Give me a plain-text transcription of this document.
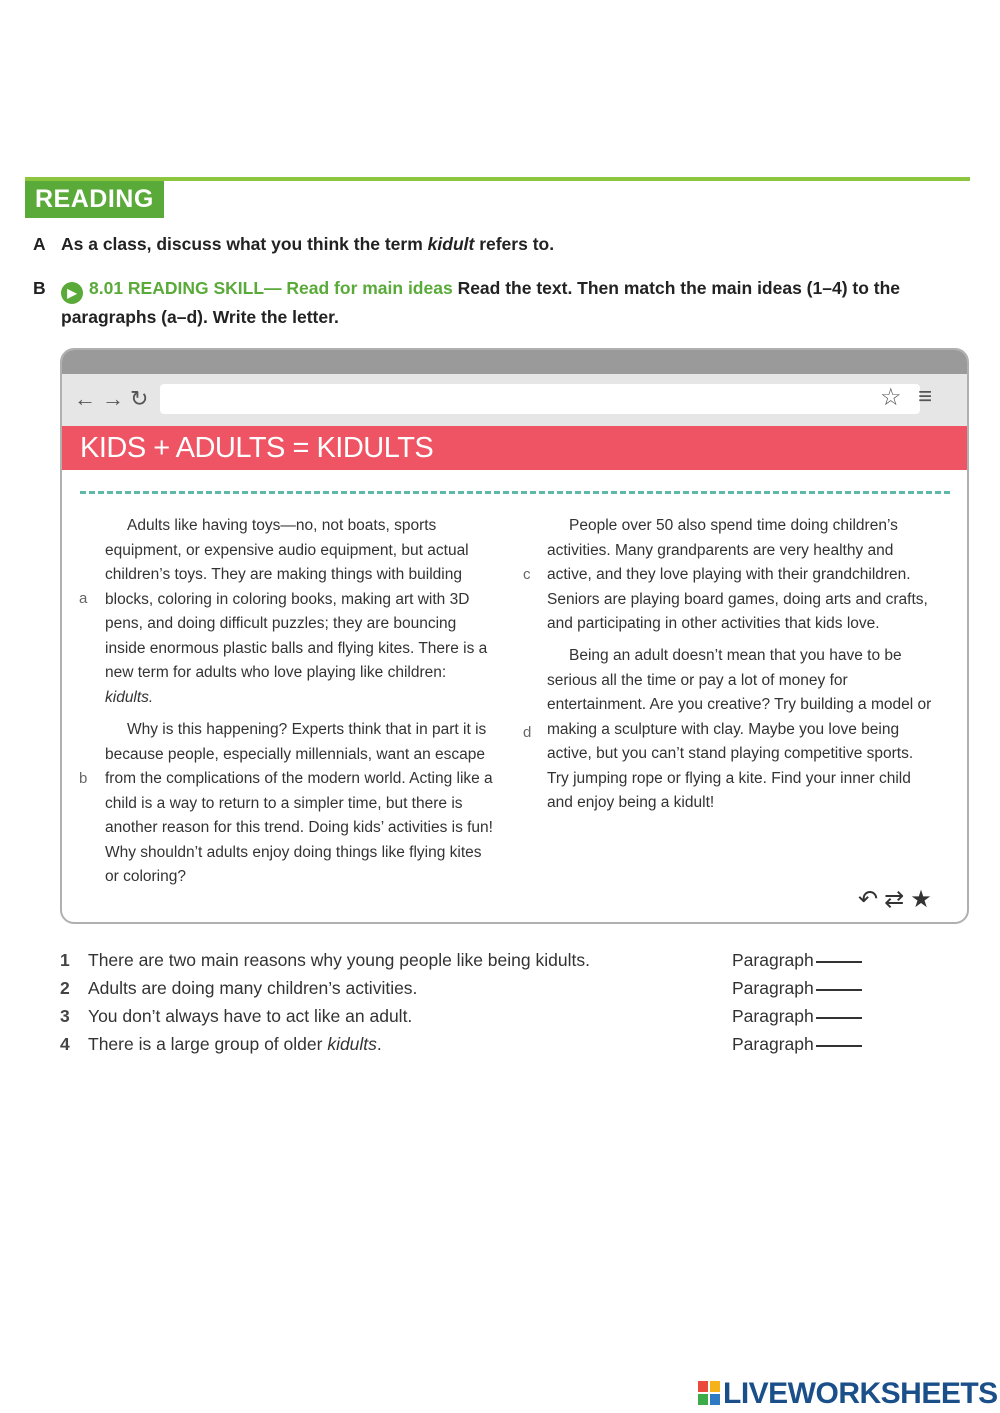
READING
A As a class, discuss what you think the term kidult refers to.
B ▶ 8.01 READING SKILL— Read for main ideas Read the text. Then match the main ideas (1–4) to the
paragraphs (a–d). Write the letter.
←→↻	☆ ≡
KIDS + ADULTS = KIDULTS
a
Adults like having toys—no, not boats, sports equipment, or expensive audio equipment, but actual children’s toys. They are making things with building blocks, coloring in coloring books, making art with 3D pens, and doing difficult puzzles; they are bouncing inside enormous plastic balls and flying kites. There is a new term for adults who love playing like children: kidults.
b
Why is this happening? Experts think that in part it is because people, especially millennials, want an escape from the complications of the modern world. Acting like a child is a way to return to a simpler time, but there is another reason for this trend. Doing kids’ activities is fun! Why shouldn’t adults enjoy doing things like flying kites or coloring?
c
People over 50 also spend time doing children’s activities. Many grandparents are very healthy and active, and they love playing with their grandchildren. Seniors are playing board games, doing arts and crafts, and participating in other activities that kids love.
d
Being an adult doesn’t mean that you have to be serious all the time or pay a lot of money for entertainment. Are you creative? Try building a model or making a sculpture with clay. Maybe you love being active, but you can’t stand playing competitive sports. Try jumping rope or flying a kite. Find your inner child and enjoy being a kidult!
↶⇄★
1 There are two main reasons why young people like being kidults.	Paragraph
2 Adults are doing many children’s activities.	Paragraph
3 You don’t always have to act like an adult.	Paragraph
4 There is a large group of older kidults.	Paragraph
LIVEWORKSHEETS
